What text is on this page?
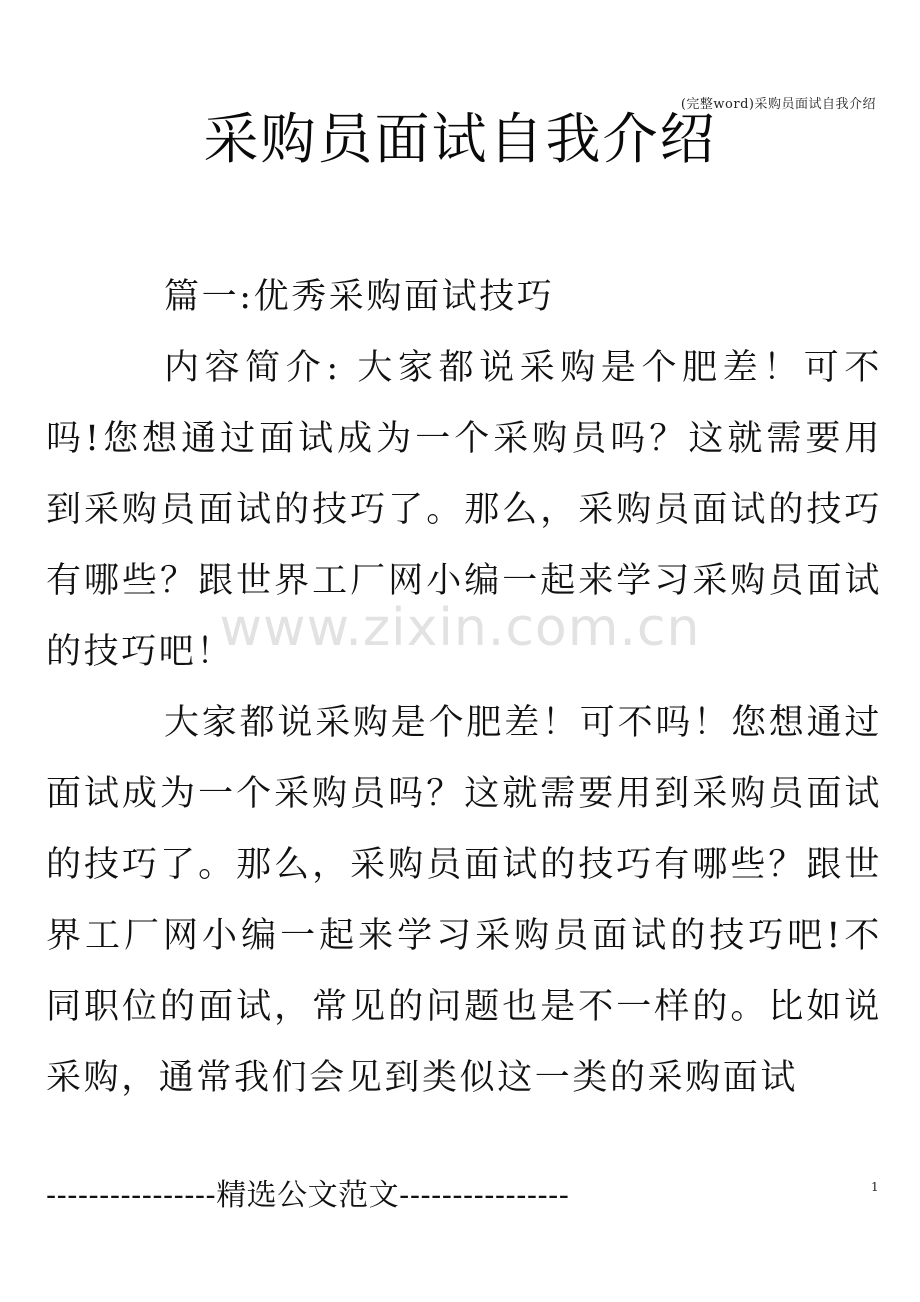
(完整word)采购员面试自我介绍
采购员面试自我介绍

篇一:优秀采购面试技巧

内容简介: 大家都说采购是个肥差！可不吗!您想通过面试成为一个采购员吗？这就需要用到采购员面试的技巧了。那么，采购员面试的技巧有哪些？跟世界工厂网小编一起来学习采购员面试的技巧吧！

大家都说采购是个肥差！可不吗！您想通过面试成为一个采购员吗？这就需要用到采购员面试的技巧了。那么，采购员面试的技巧有哪些？跟世界工厂网小编一起来学习采购员面试的技巧吧!不同职位的面试，常见的问题也是不一样的。比如说采购，通常我们会见到类似这一类的采购面试

www.zixin.com.cn
----------------精选公文范文----------------	1
